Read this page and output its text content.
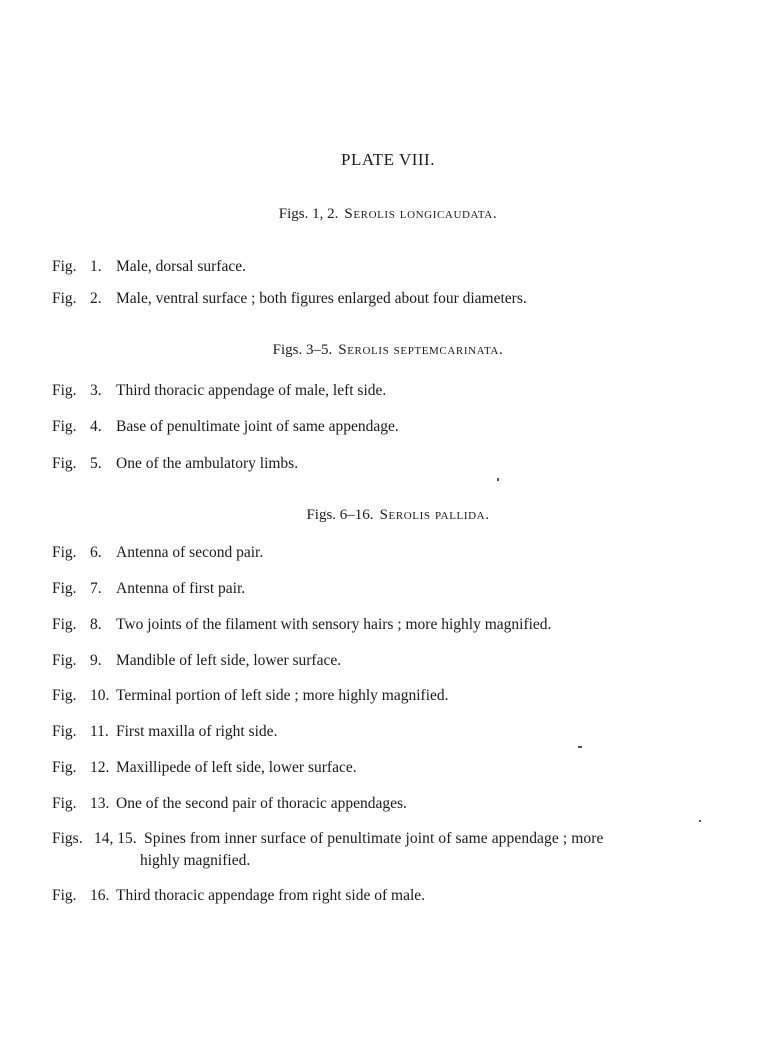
PLATE VIII.
Figs. 1, 2. Serolis longicaudata.
Fig. 1. Male, dorsal surface.
Fig. 2. Male, ventral surface ; both figures enlarged about four diameters.
Figs. 3–5. Serolis septemcarinata.
Fig. 3. Third thoracic appendage of male, left side.
Fig. 4. Base of penultimate joint of same appendage.
Fig. 5. One of the ambulatory limbs.
Figs. 6–16. Serolis pallida.
Fig. 6. Antenna of second pair.
Fig. 7. Antenna of first pair.
Fig. 8. Two joints of the filament with sensory hairs ; more highly magnified.
Fig. 9. Mandible of left side, lower surface.
Fig. 10. Terminal portion of left side ; more highly magnified.
Fig. 11. First maxilla of right side.
Fig. 12. Maxillipede of left side, lower surface.
Fig. 13. One of the second pair of thoracic appendages.
Figs. 14, 15. Spines from inner surface of penultimate joint of same appendage ; more
highly magnified.
Fig. 16. Third thoracic appendage from right side of male.
